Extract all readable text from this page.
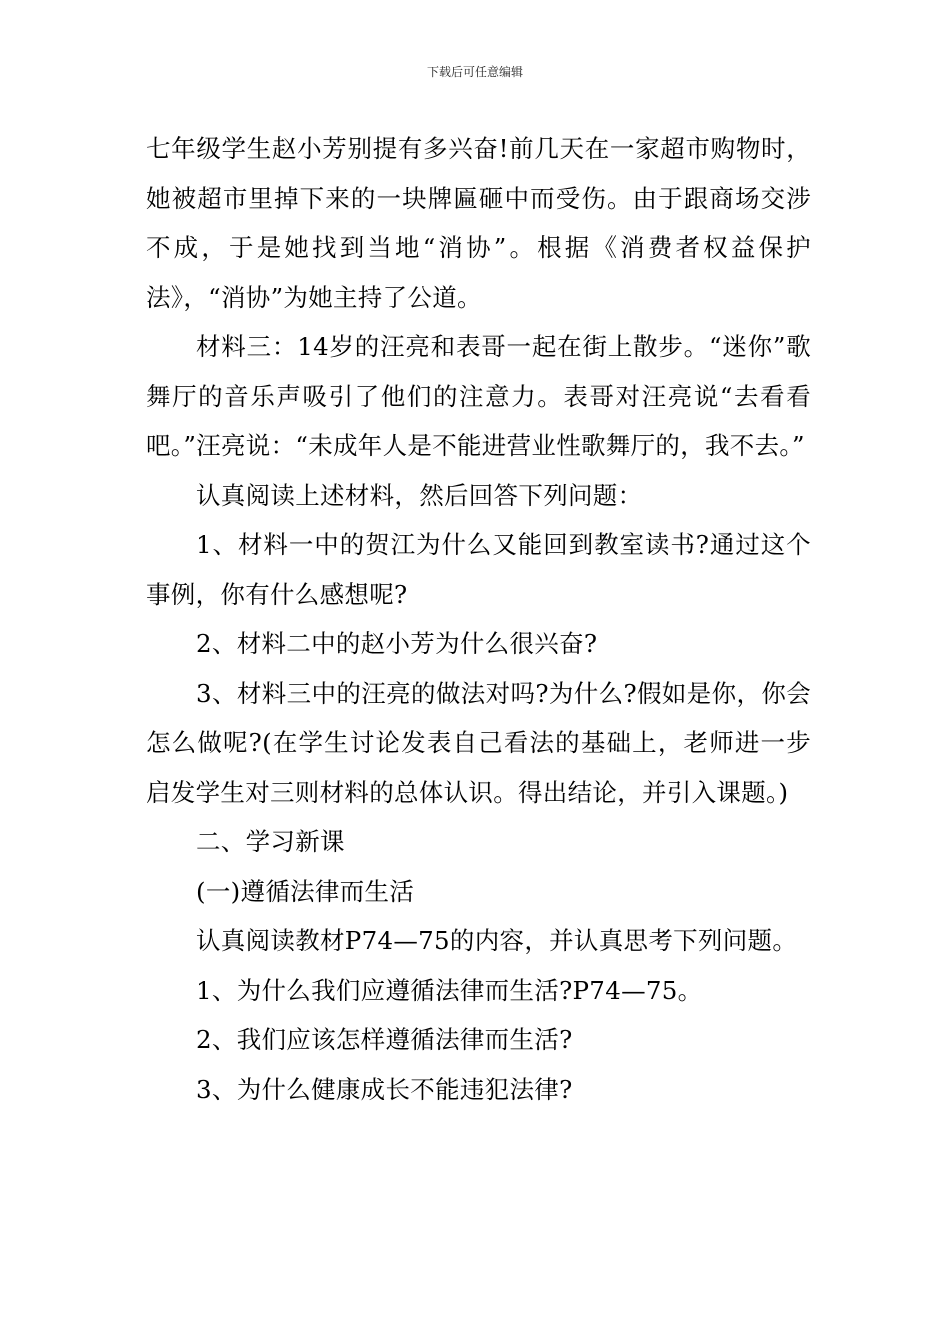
下载后可任意编辑

七年级学生赵小芳别提有多兴奋!前几天在一家超市购物时，她被超市里掉下来的一块牌匾砸中而受伤。由于跟商场交涉不成，于是她找到当地“消协”。根据《消费者权益保护法》，“消协”为她主持了公道。

材料三：14岁的汪亮和表哥一起在街上散步。“迷你”歌舞厅的音乐声吸引了他们的注意力。表哥对汪亮说“去看看吧。”汪亮说：“未成年人是不能进营业性歌舞厅的，我不去。”

认真阅读上述材料，然后回答下列问题：

1、材料一中的贺江为什么又能回到教室读书?通过这个事例，你有什么感想呢?

2、材料二中的赵小芳为什么很兴奋?

3、材料三中的汪亮的做法对吗?为什么?假如是你，你会怎么做呢?(在学生讨论发表自己看法的基础上，老师进一步启发学生对三则材料的总体认识。得出结论，并引入课题。)

二、学习新课

(一)遵循法律而生活

认真阅读教材P74—75的内容，并认真思考下列问题。

1、为什么我们应遵循法律而生活?P74—75。

2、我们应该怎样遵循法律而生活?

3、为什么健康成长不能违犯法律?
